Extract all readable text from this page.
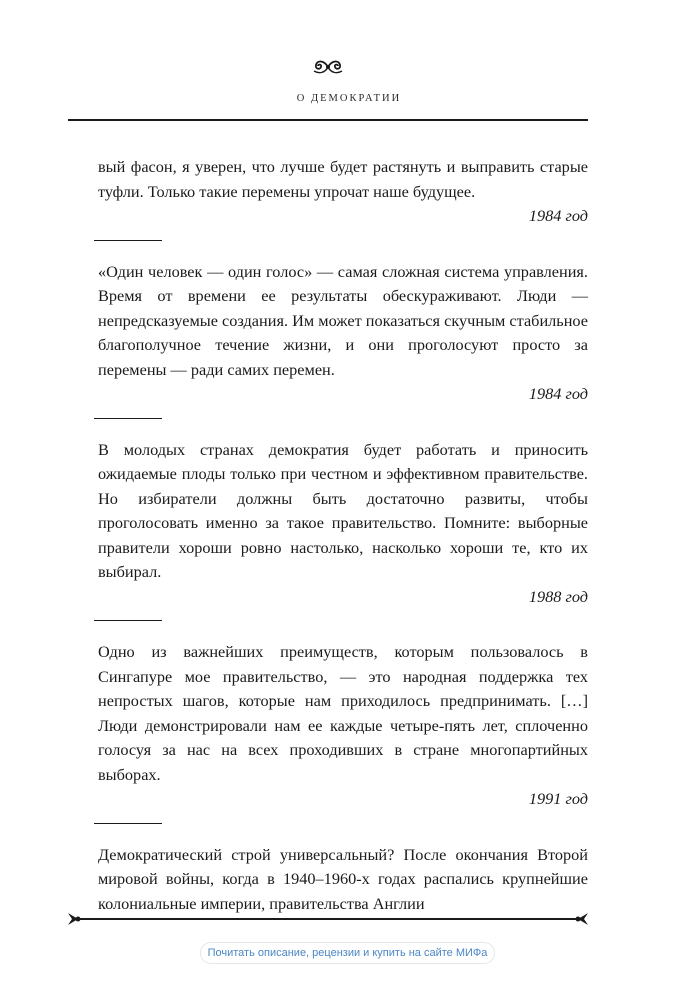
О ДЕМОКРАТИИ

вый фасон, я уверен, что лучше будет растянуть и выправить старые туфли. Только такие перемены упрочат наше будущее.

1984 год

«Один человек — один голос» — самая сложная система управления. Время от времени ее результаты обескураживают. Люди — непредсказуемые создания. Им может показаться скучным стабильное благополучное течение жизни, и они проголосуют просто за перемены — ради самих перемен.

1984 год

В молодых странах демократия будет работать и приносить ожидаемые плоды только при честном и эффективном правительстве. Но избиратели должны быть достаточно развиты, чтобы проголосовать именно за такое правительство. Помните: выборные правители хороши ровно настолько, насколько хороши те, кто их выбирал.

1988 год

Одно из важнейших преимуществ, которым пользовалось в Сингапуре мое правительство, — это народная поддержка тех непростых шагов, которые нам приходилось предпринимать. […] Люди демонстрировали нам ее каждые четыре-пять лет, сплоченно голосуя за нас на всех проходивших в стране многопартийных выборах.

1991 год

Демократический строй универсальный? После окончания Второй мировой войны, когда в 1940–1960-х годах распались крупнейшие колониальные империи, правительства Англии

Почитать описание, рецензии и купить на сайте МИФа
